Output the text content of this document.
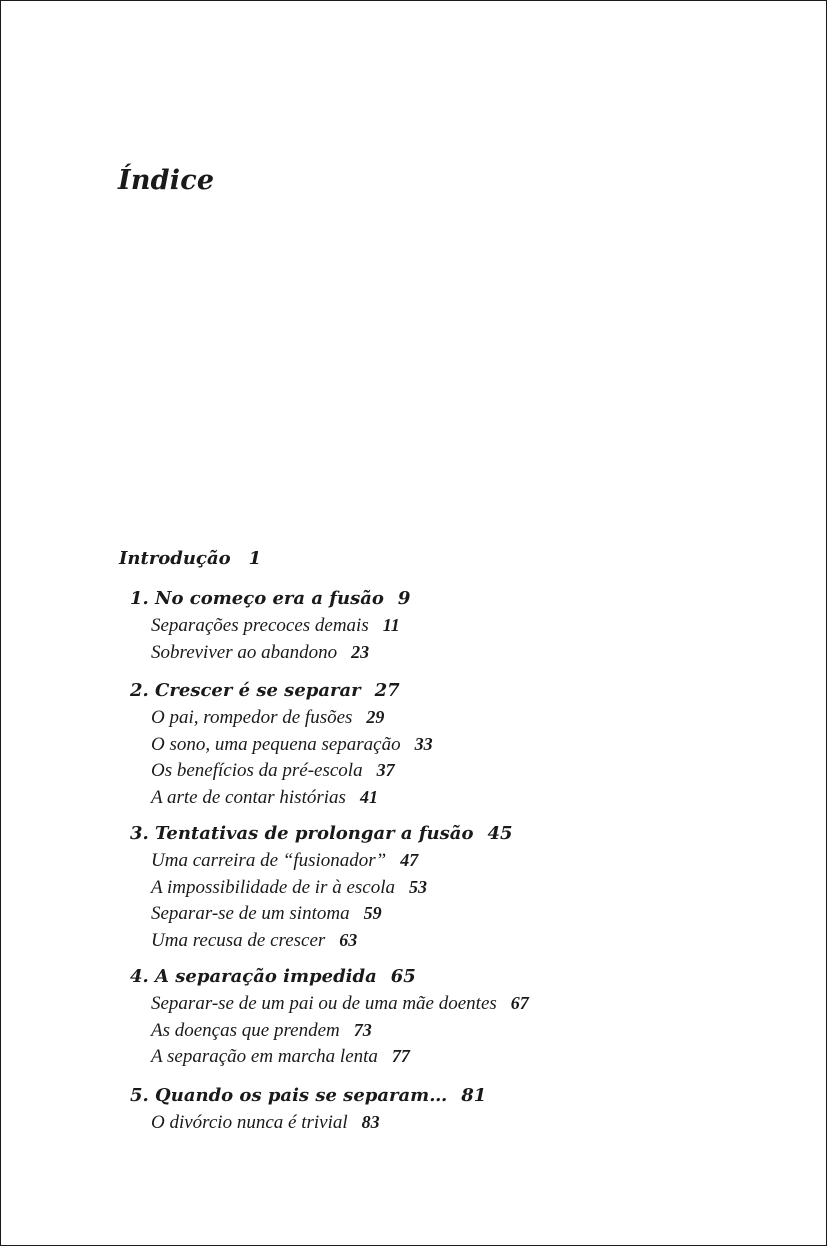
Índice
Introdução 1
1. No começo era a fusão 9
Separações precoces demais 11
Sobreviver ao abandono 23
2. Crescer é se separar 27
O pai, rompedor de fusões 29
O sono, uma pequena separação 33
Os benefícios da pré-escola 37
A arte de contar histórias 41
3. Tentativas de prolongar a fusão 45
Uma carreira de “fusionador” 47
A impossibilidade de ir à escola 53
Separar-se de um sintoma 59
Uma recusa de crescer 63
4. A separação impedida 65
Separar-se de um pai ou de uma mãe doentes 67
As doenças que prendem 73
A separação em marcha lenta 77
5. Quando os pais se separam… 81
O divórcio nunca é trivial 83
